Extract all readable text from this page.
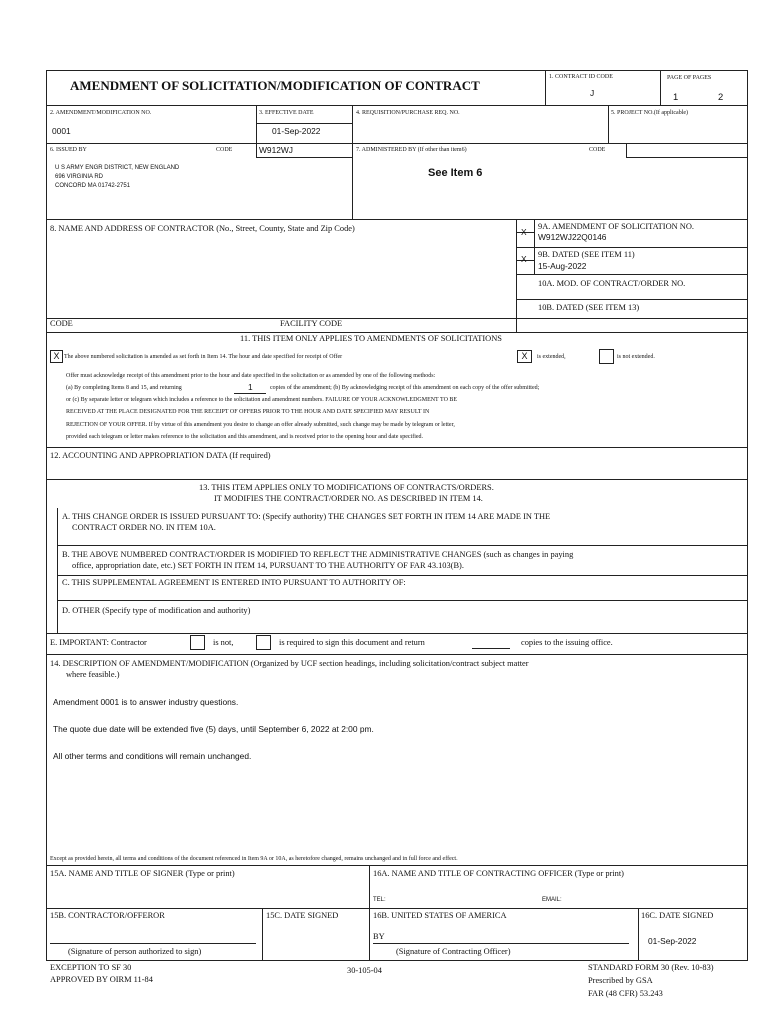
AMENDMENT OF SOLICITATION/MODIFICATION OF CONTRACT
1. CONTRACT ID CODE
J
PAGE OF PAGES
1	2
2. AMENDMENT/MODIFICATION NO.
0001
3. EFFECTIVE DATE
01-Sep-2022
4. REQUISITION/PURCHASE REQ. NO.	5. PROJECT NO.(If applicable)
6. ISSUED BY	CODE	W912WJ	7. ADMINISTERED BY (If other than item6)	CODE
U S ARMY ENGR DISTRICT, NEW ENGLAND
696 VIRGINIA RD
CONCORD MA 01742-2751
See Item 6
8. NAME AND ADDRESS OF CONTRACTOR (No., Street, County, State and Zip Code)
CODE	FACILITY CODE
X
9A. AMENDMENT OF SOLICITATION NO.
W912WJ22Q0146
X 9B. DATED (SEE ITEM 11)
15-Aug-2022
10A. MOD. OF CONTRACT/ORDER NO.
10B. DATED (SEE ITEM 13)
11. THIS ITEM ONLY APPLIES TO AMENDMENTS OF SOLICITATIONS
X The above numbered solicitation is amended as set forth in Item 14. The hour and date specified for receipt of Offer	X	is extended,	is not extended.
Offer must acknowledge receipt of this amendment prior to the hour and date specified in the solicitation or as amended by one of the following methods:
(a) By completing Items 8 and 15, and returning	1	copies of the amendment; (b) By acknowledging receipt of this amendment on each copy of the offer submitted;
or (c) By separate letter or telegram which includes a reference to the solicitation and amendment numbers. FAILURE OF YOUR ACKNOWLEDGMENT TO BE
RECEIVED AT THE PLACE DESIGNATED FOR THE RECEIPT OF OFFERS PRIOR TO THE HOUR AND DATE SPECIFIED MAY RESULT IN
REJECTION OF YOUR OFFER. If by virtue of this amendment you desire to change an offer already submitted, such change may be made by telegram or letter,
provided each telegram or letter makes reference to the solicitation and this amendment, and is received prior to the opening hour and date specified.
12. ACCOUNTING AND APPROPRIATION DATA (If required)
13. THIS ITEM APPLIES ONLY TO MODIFICATIONS OF CONTRACTS/ORDERS.
IT MODIFIES THE CONTRACT/ORDER NO. AS DESCRIBED IN ITEM 14.
A. THIS CHANGE ORDER IS ISSUED PURSUANT TO: (Specify authority) THE CHANGES SET FORTH IN ITEM 14 ARE MADE IN THE
CONTRACT ORDER NO. IN ITEM 10A.
B. THE ABOVE NUMBERED CONTRACT/ORDER IS MODIFIED TO REFLECT THE ADMINISTRATIVE CHANGES (such as changes in paying
office, appropriation date, etc.) SET FORTH IN ITEM 14, PURSUANT TO THE AUTHORITY OF FAR 43.103(B).
C. THIS SUPPLEMENTAL AGREEMENT IS ENTERED INTO PURSUANT TO AUTHORITY OF:
D. OTHER (Specify type of modification and authority)
E. IMPORTANT: Contractor	is not,	is required to sign this document and return	copies to the issuing office.
14. DESCRIPTION OF AMENDMENT/MODIFICATION (Organized by UCF section headings, including solicitation/contract subject matter
where feasible.)
Amendment 0001 is to answer industry questions.
The quote due date will be extended five (5) days, until September 6, 2022 at 2:00 pm.
All other terms and conditions will remain unchanged.
Except as provided herein, all terms and conditions of the document referenced in Item 9A or 10A, as heretofore changed, remains unchanged and in full force and effect.
15A. NAME AND TITLE OF SIGNER (Type or print)	16A. NAME AND TITLE OF CONTRACTING OFFICER (Type or print)
TEL:	EMAIL:
15B. CONTRACTOR/OFFEROR	15C. DATE SIGNED	16B. UNITED STATES OF AMERICA	16C. DATE SIGNED
BY
(Signature of person authorized to sign)	(Signature of Contracting Officer)
01-Sep-2022
EXCEPTION TO SF 30
APPROVED BY OIRM 11-84
30-105-04	STANDARD FORM 30 (Rev. 10-83)
Prescribed by GSA
FAR (48 CFR) 53.243
